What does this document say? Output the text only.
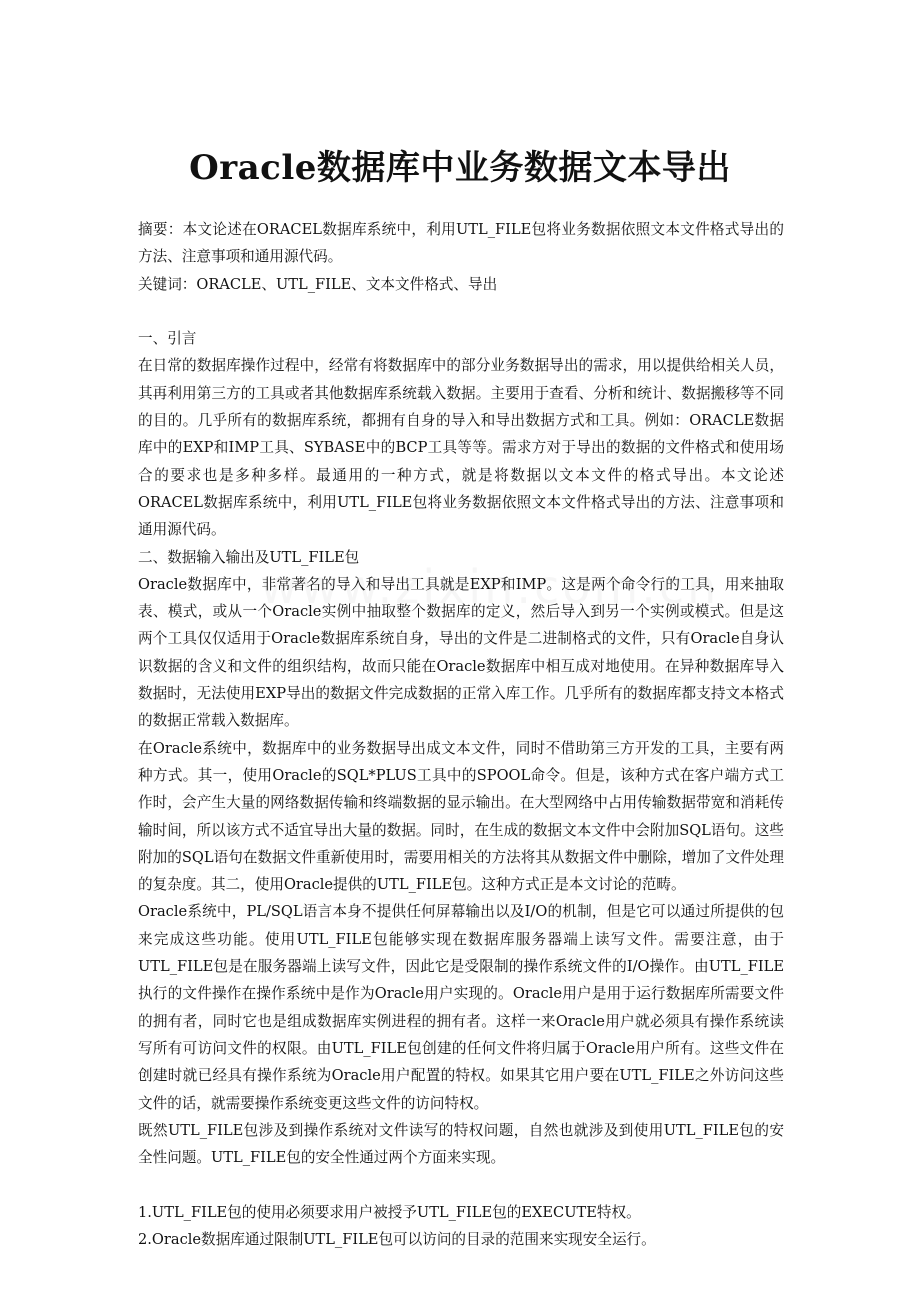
Oracle数据库中业务数据文本导出

摘要：本文论述在ORACEL数据库系统中，利用UTL_FILE包将业务数据依照文本文件格式导出的方法、注意事项和通用源代码。

关键词：ORACLE、UTL_FILE、文本文件格式、导出

一、引言

在日常的数据库操作过程中，经常有将数据库中的部分业务数据导出的需求，用以提供给相关人员，其再利用第三方的工具或者其他数据库系统载入数据。主要用于查看、分析和统计、数据搬移等不同的目的。几乎所有的数据库系统，都拥有自身的导入和导出数据方式和工具。例如：ORACLE数据库中的EXP和IMP工具、SYBASE中的BCP工具等等。需求方对于导出的数据的文件格式和使用场合的要求也是多种多样。最通用的一种方式，就是将数据以文本文件的格式导出。本文论述ORACEL数据库系统中，利用UTL_FILE包将业务数据依照文本文件格式导出的方法、注意事项和通用源代码。

二、数据输入输出及UTL_FILE包

Oracle数据库中，非常著名的导入和导出工具就是EXP和IMP。这是两个命令行的工具，用来抽取表、模式，或从一个Oracle实例中抽取整个数据库的定义，然后导入到另一个实例或模式。但是这两个工具仅仅适用于Oracle数据库系统自身，导出的文件是二进制格式的文件，只有Oracle自身认识数据的含义和文件的组织结构，故而只能在Oracle数据库中相互成对地使用。在异种数据库导入数据时，无法使用EXP导出的数据文件完成数据的正常入库工作。几乎所有的数据库都支持文本格式的数据正常载入数据库。

在Oracle系统中，数据库中的业务数据导出成文本文件，同时不借助第三方开发的工具，主要有两种方式。其一，使用Oracle的SQL*PLUS工具中的SPOOL命令。但是，该种方式在客户端方式工作时，会产生大量的网络数据传输和终端数据的显示输出。在大型网络中占用传输数据带宽和消耗传输时间，所以该方式不适宜导出大量的数据。同时，在生成的数据文本文件中会附加SQL语句。这些附加的SQL语句在数据文件重新使用时，需要用相关的方法将其从数据文件中删除，增加了文件处理的复杂度。其二，使用Oracle提供的UTL_FILE包。这种方式正是本文讨论的范畴。

Oracle系统中，PL/SQL语言本身不提供任何屏幕输出以及I/O的机制，但是它可以通过所提供的包来完成这些功能。使用UTL_FILE包能够实现在数据库服务器端上读写文件。需要注意，由于UTL_FILE包是在服务器端上读写文件，因此它是受限制的操作系统文件的I/O操作。由UTL_FILE执行的文件操作在操作系统中是作为Oracle用户实现的。Oracle用户是用于运行数据库所需要文件的拥有者，同时它也是组成数据库实例进程的拥有者。这样一来Oracle用户就必须具有操作系统读写所有可访问文件的权限。由UTL_FILE包创建的任何文件将归属于Oracle用户所有。这些文件在创建时就已经具有操作系统为Oracle用户配置的特权。如果其它用户要在UTL_FILE之外访问这些文件的话，就需要操作系统变更这些文件的访问特权。

既然UTL_FILE包涉及到操作系统对文件读写的特权问题，自然也就涉及到使用UTL_FILE包的安全性问题。UTL_FILE包的安全性通过两个方面来实现。

1.UTL_FILE包的使用必须要求用户被授予UTL_FILE包的EXECUTE特权。

2.Oracle数据库通过限制UTL_FILE包可以访问的目录的范围来实现安全运行。
